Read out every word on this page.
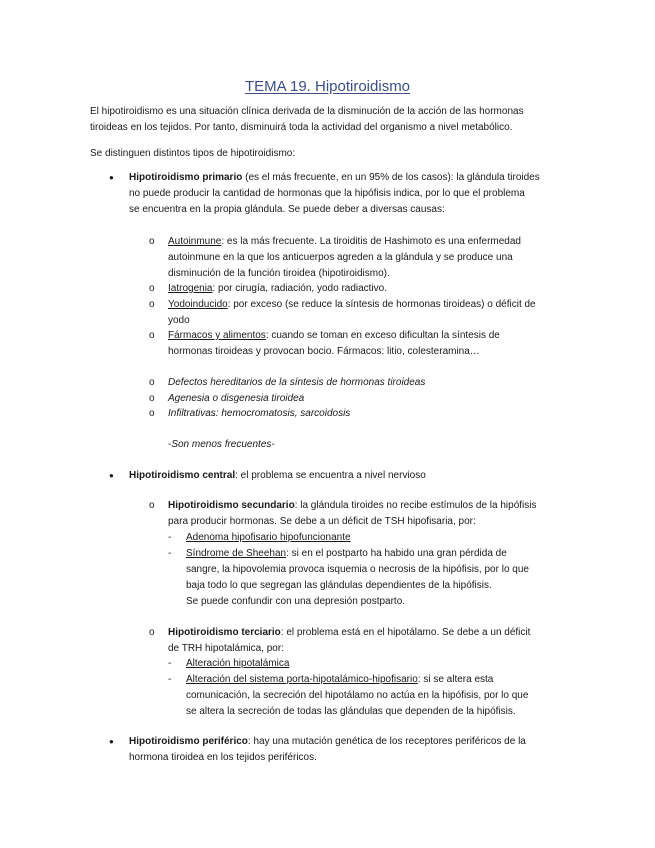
TEMA 19. Hipotiroidismo
El hipotiroidismo es una situación clínica derivada de la disminución de la acción de las hormonas
tiroideas en los tejidos. Por tanto, disminuirá toda la actividad del organismo a nivel metabólico.
Se distinguen distintos tipos de hipotiroidismo:
● Hipotiroidismo primario (es el más frecuente, en un 95% de los casos): la glándula tiroides
no puede producir la cantidad de hormonas que la hipófisis indica, por lo que el problema
se encuentra en la propia glándula. Se puede deber a diversas causas:
o Autoinmune: es la más frecuente. La tiroiditis de Hashimoto es una enfermedad
autoinmune en la que los anticuerpos agreden a la glándula y se produce una
disminución de la función tiroidea (hipotiroidismo).
o Iatrogenia: por cirugía, radiación, yodo radiactivo.
o Yodoinducido: por exceso (se reduce la síntesis de hormonas tiroideas) o déficit de
yodo
o Fármacos y alimentos: cuando se toman en exceso dificultan la síntesis de
hormonas tiroideas y provocan bocio. Fármacos: litio, colesteramina…
o Defectos hereditarios de la síntesis de hormonas tiroideas
o Agenesia o disgenesia tiroidea
o Infiltrativas: hemocromatosis, sarcoidosis
-Son menos frecuentes-
● Hipotiroidismo central: el problema se encuentra a nivel nervioso
o Hipotiroidismo secundario: la glándula tiroides no recibe estímulos de la hipófisis
para producir hormonas. Se debe a un déficit de TSH hipofisaria, por:
- Adenoma hipofisario hipofuncionante
- Síndrome de Sheehan: si en el postparto ha habido una gran pérdida de
sangre, la hipovolemia provoca isquemia o necrosis de la hipófisis, por lo que
baja todo lo que segregan las glándulas dependientes de la hipófisis.
Se puede confundir con una depresión postparto.
o Hipotiroidismo terciario: el problema está en el hipotálamo. Se debe a un déficit
de TRH hipotalámica, por:
- Alteración hipotalámica
- Alteración del sistema porta-hipotalámico-hipofisario: si se altera esta
comunicación, la secreción del hipotálamo no actúa en la hipófisis, por lo que
se altera la secreción de todas las glándulas que dependen de la hipófisis.
● Hipotiroidismo periférico: hay una mutación genética de los receptores periféricos de la
hormona tiroidea en los tejidos periféricos.
